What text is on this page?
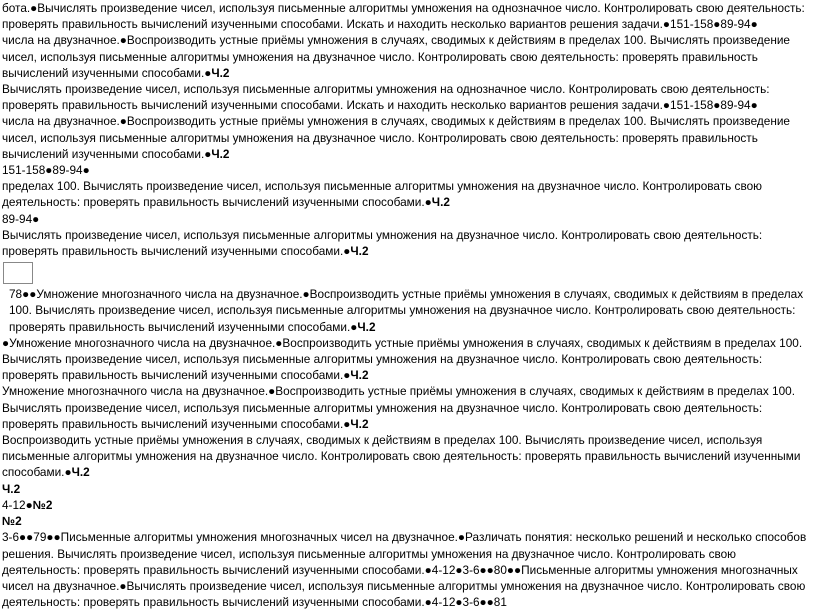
бота.●Вычислять произведение чисел, используя письменные алгоритмы умножения на однозначное число. Контролировать свою деятельность: проверять правильность вычислений изученными способами. Искать и находить несколько вариантов решения задачи.●151-158●89-94●

числа на двузначное.●Воспроизводить устные приёмы умножения в случаях, сводимых к действиям в пределах 100. Вычислять произведение чисел, используя письменные алгоритмы умножения на двузначное число. Контролировать свою деятельность: проверять правильность вычислений изученными способами.●Ч.2

Вычислять произведение чисел, используя письменные алгоритмы умножения на однозначное число. Контролировать свою деятельность: проверять правильность вычислений изученными способами. Искать и находить несколько вариантов решения задачи.●151-158●89-94●

числа на двузначное.●Воспроизводить устные приёмы умножения в случаях, сводимых к действиям в пределах 100. Вычислять произведение чисел, используя письменные алгоритмы умножения на двузначное число. Контролировать свою деятельность: проверять правильность вычислений изученными способами.●Ч.2

151-158●89-94●

пределах 100. Вычислять произведение чисел, используя письменные алгоритмы умножения на двузначное число. Контролировать свою деятельность: проверять правильность вычислений изученными способами.●Ч.2

89-94●

Вычислять произведение чисел, используя письменные алгоритмы умножения на двузначное число. Контролировать свою деятельность: проверять правильность вычислений изученными способами.●Ч.2

78●●Умножение многозначного числа на двузначное.●Воспроизводить устные приёмы умножения в случаях, сводимых к действиям в пределах 100. Вычислять произведение чисел, используя письменные алгоритмы умножения на двузначное число. Контролировать свою деятельность: проверять правильность вычислений изученными способами.●Ч.2

●Умножение многозначного числа на двузначное.●Воспроизводить устные приёмы умножения в случаях, сводимых к действиям в пределах 100. Вычислять произведение чисел, используя письменные алгоритмы умножения на двузначное число. Контролировать свою деятельность: проверять правильность вычислений изученными способами.●Ч.2

Умножение многозначного числа на двузначное.●Воспроизводить устные приёмы умножения в случаях, сводимых к действиям в пределах 100. Вычислять произведение чисел, используя письменные алгоритмы умножения на двузначное число. Контролировать свою деятельность: проверять правильность вычислений изученными способами.●Ч.2

Воспроизводить устные приёмы умножения в случаях, сводимых к действиям в пределах 100. Вычислять произведение чисел, используя письменные алгоритмы умножения на двузначное число. Контролировать свою деятельность: проверять правильность вычислений изученными способами.●Ч.2

Ч.2

4-12●№2

№2

3-6●●79●●Письменные алгоритмы умножения многозначных чисел на двузначное.●Различать понятия: несколько решений и несколько способов решения. Вычислять произведение чисел, используя письменные алгоритмы умножения на двузначное число. Контролировать свою деятельность: проверять правильность вычислений изученными способами.●4-12●3-6●●80●●Письменные алгоритмы умножения многозначных чисел на двузначное.●Вычислять произведение чисел, используя письменные алгоритмы умножения на двузначное число. Контролировать свою деятельность: проверять правильность вычислений изученными способами.●4-12●3-6●●81
